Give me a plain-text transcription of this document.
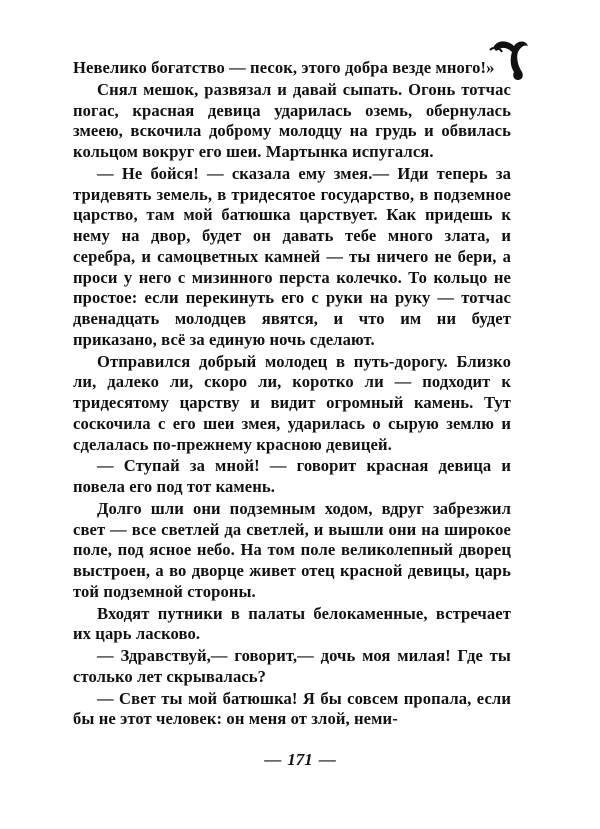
Невелико богатство — песок, этого добра везде много!»

Снял мешок, развязал и давай сыпать. Огонь тотчас погас, красная девица ударилась оземь, обернулась змеею, вскочила доброму молодцу на грудь и обвилась кольцом вокруг его шеи. Мартынка испугался.

— Не бойся! — сказала ему змея.— Иди теперь за тридевять земель, в тридесятое государство, в подземное царство, там мой батюшка царствует. Как придешь к нему на двор, будет он давать тебе много злата, и серебра, и самоцветных камней — ты ничего не бери, а проси у него с мизинного перста колечко. То кольцо не простое: если перекинуть его с руки на руку — тотчас двенадцать молодцев явятся, и что им ни будет приказано, всё за единую ночь сделают.

Отправился добрый молодец в путь-дорогу. Близко ли, далеко ли, скоро ли, коротко ли — подходит к тридесятому царству и видит огромный камень. Тут соскочила с его шеи змея, ударилась о сырую землю и сделалась по-прежнему красною девицей.

— Ступай за мной! — говорит красная девица и повела его под тот камень.

Долго шли они подземным ходом, вдруг забрезжил свет — все светлей да светлей, и вышли они на широкое поле, под ясное небо. На том поле великолепный дворец выстроен, а во дворце живет отец красной девицы, царь той подземной стороны.

Входят путники в палаты белокаменные, встречает их царь ласково.

— Здравствуй,— говорит,— дочь моя милая! Где ты столько лет скрывалась?

— Свет ты мой батюшка! Я бы совсем пропала, если бы не этот человек: он меня от злой, неми-

— 171 —
